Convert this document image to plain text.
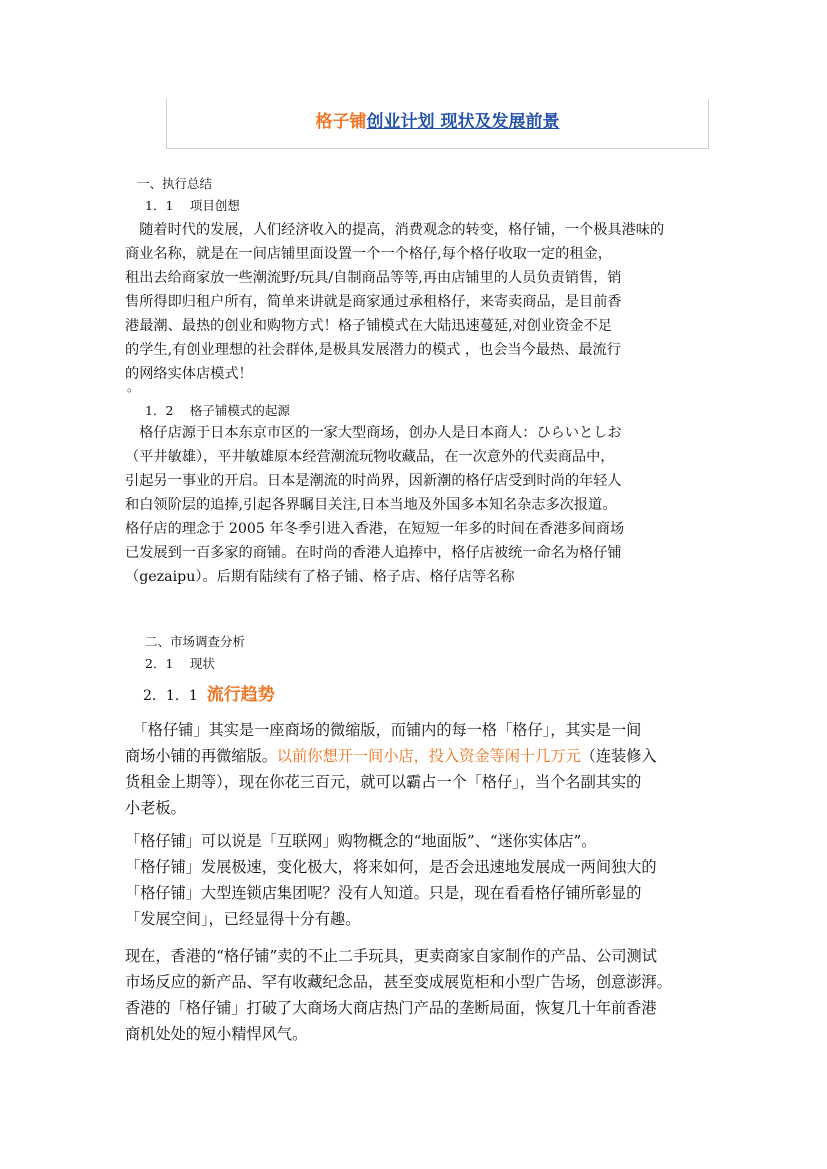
格子铺创业计划 现状及发展前景
一、执行总结
1．1　 项目创想
　随着时代的发展，人们经济收入的提高，消费观念的转变，格仔铺，一个极具港味的
商业名称，就是在一间店铺里面设置一个一个格仔,每个格仔收取一定的租金，
租出去给商家放一些潮流野/玩具/自制商品等等,再由店铺里的人员负责销售，销
售所得即归租户所有，简单来讲就是商家通过承租格仔，来寄卖商品，是目前香
港最潮、最热的创业和购物方式！格子铺模式在大陆迅速蔓延,对创业资金不足
的学生,有创业理想的社会群体,是极具发展潜力的模式 ，也会当今最热、最流行
的网络实体店模式！
。
1．2　 格子铺模式的起源
　格仔店源于日本东京市区的一家大型商场，创办人是日本商人：ひらいとしお
（平井敏雄），平井敏雄原本经营潮流玩物收藏品，在一次意外的代卖商品中，
引起另一事业的开启。日本是潮流的时尚界，因新潮的格仔店受到时尚的年轻人
和白领阶层的追捧,引起各界瞩目关注,日本当地及外国多本知名杂志多次报道。
格仔店的理念于 2005 年冬季引进入香港，在短短一年多的时间在香港多间商场
已发展到一百多家的商铺。在时尚的香港人追捧中，格仔店被统一命名为格仔铺
（gezaipu）。后期有陆续有了格子铺、格子店、格仔店等名称
二、市场调查分析
2．1　 现状
2．1．1 流行趋势
　「格仔铺」其实是一座商场的微缩版，而铺内的每一格「格仔」，其实是一间
商场小铺的再微缩版。以前你想开一间小店，投入资金等闲十几万元（连装修入
货租金上期等），现在你花三百元，就可以霸占一个「格仔」，当个名副其实的
小老板。
「格仔铺」可以说是「互联网」购物概念的“地面版”、“迷你实体店”。
「格仔铺」发展极速，变化极大，将来如何，是否会迅速地发展成一两间独大的
「格仔铺」大型连锁店集团呢？没有人知道。只是，现在看看格仔铺所彰显的
「发展空间」，已经显得十分有趣。
现在，香港的“格仔铺”卖的不止二手玩具，更卖商家自家制作的产品、公司测试
市场反应的新产品、罕有收藏纪念品，甚至变成展览柜和小型广告场，创意澎湃。
香港的「格仔铺」打破了大商场大商店热门产品的垄断局面，恢复几十年前香港
商机处处的短小精悍风气。
